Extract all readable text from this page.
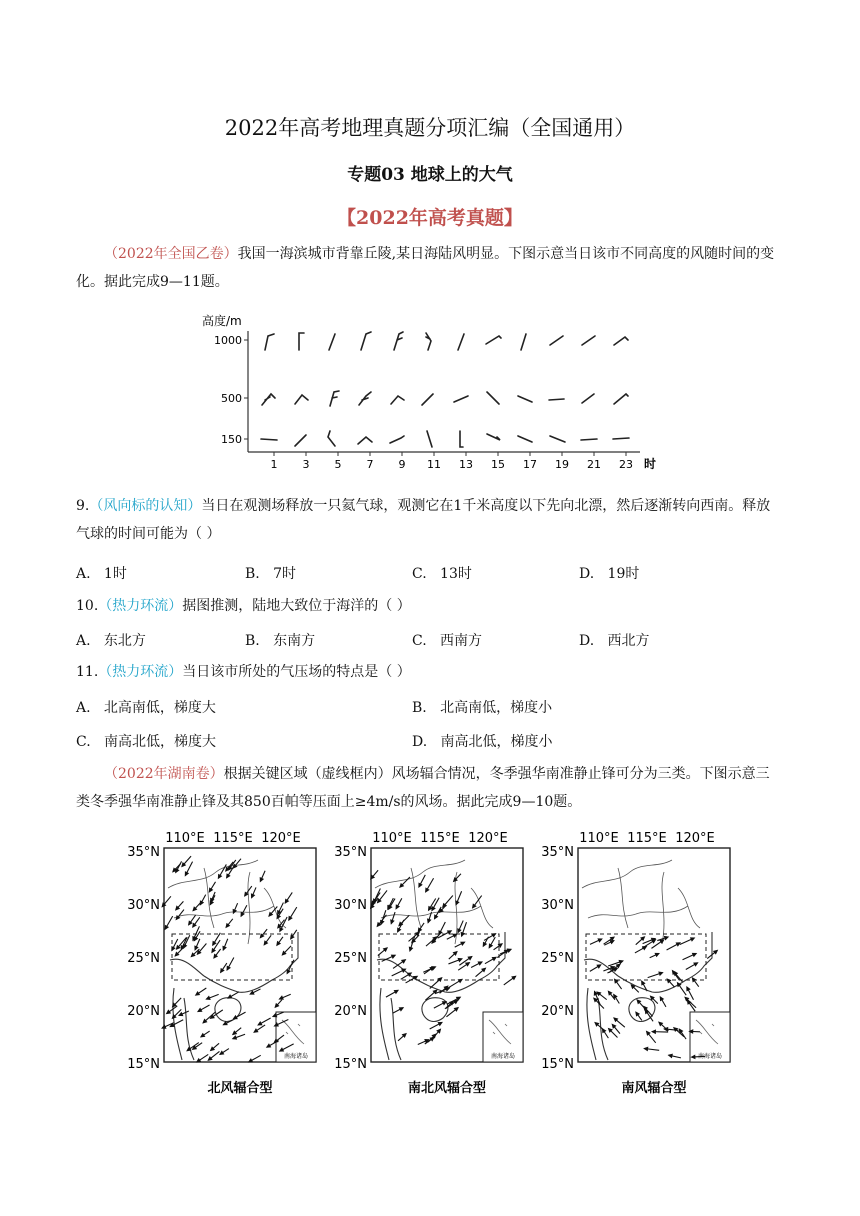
2022年高考地理真题分项汇编（全国通用）
专题03 地球上的大气
【2022年高考真题】
（2022年全国乙卷）我国一海滨城市背靠丘陵,某日海陆风明显。下图示意当日该市不同高度的风随时间的变化。据此完成9—11题。
高度/m
1000
500
150
1 3 5 7 9 11 13 15 17 19 21 23 时
9.（风向标的认知）当日在观测场释放一只氦气球，观测它在1千米高度以下先向北漂，然后逐渐转向西南。释放气球的时间可能为（ ）
A. 1时	B. 7时	C. 13时	D. 19时
10.（热力环流）据图推测，陆地大致位于海洋的（ ）
A. 东北方	B. 东南方	C. 西南方	D. 西北方
11.（热力环流）当日该市所处的气压场的特点是（ ）
A. 北高南低，梯度大	B. 北高南低，梯度小
C. 南高北低，梯度大	D. 南高北低，梯度小
（2022年湖南卷）根据关键区域（虚线框内）风场辐合情况，冬季强华南准静止锋可分为三类。下图示意三类冬季强华南准静止锋及其850百帕等压面上≥4m/s的风场。据此完成9—10题。
110°E 115°E 120°E
35°N
30°N
25°N
20°N
15°N
南海诸岛
北风辐合型
110°E 115°E 120°E
35°N
30°N
25°N
20°N
15°N
南海诸岛
南北风辐合型
110°E 115°E 120°E
35°N
30°N
25°N
20°N
15°N
南海诸岛
南风辐合型
